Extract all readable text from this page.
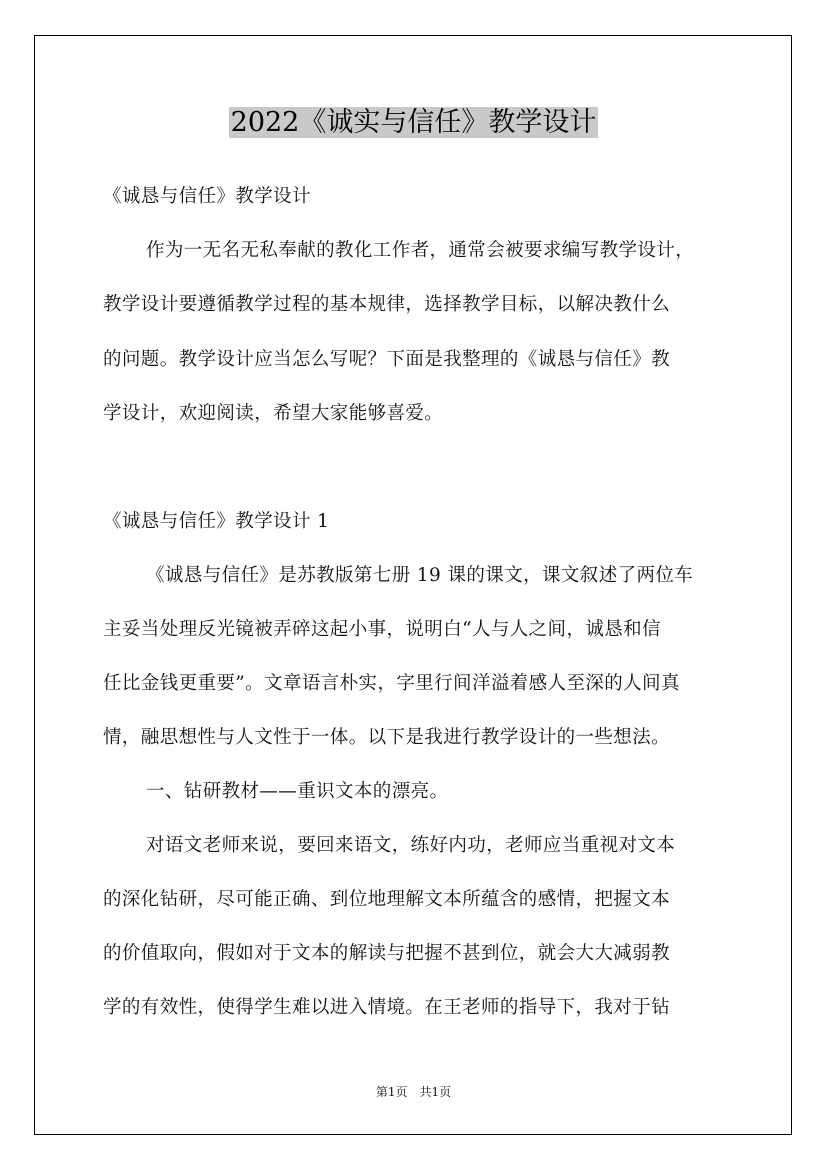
2022《诚实与信任》教学设计
《诚恳与信任》教学设计
作为一无名无私奉献的教化工作者，通常会被要求编写教学设计，
教学设计要遵循教学过程的基本规律，选择教学目标，以解决教什么
的问题。教学设计应当怎么写呢？下面是我整理的《诚恳与信任》教
学设计，欢迎阅读，希望大家能够喜爱。
《诚恳与信任》教学设计 1
《诚恳与信任》是苏教版第七册 19 课的课文，课文叙述了两位车
主妥当处理反光镜被弄碎这起小事，说明白“人与人之间，诚恳和信
任比金钱更重要”。文章语言朴实，字里行间洋溢着感人至深的人间真
情，融思想性与人文性于一体。以下是我进行教学设计的一些想法。
一、钻研教材——重识文本的漂亮。
对语文老师来说，要回来语文，练好内功，老师应当重视对文本
的深化钻研，尽可能正确、到位地理解文本所蕴含的感情，把握文本
的价值取向，假如对于文本的解读与把握不甚到位，就会大大减弱教
学的有效性，使得学生难以进入情境。在王老师的指导下，我对于钻
第1页　共1页
